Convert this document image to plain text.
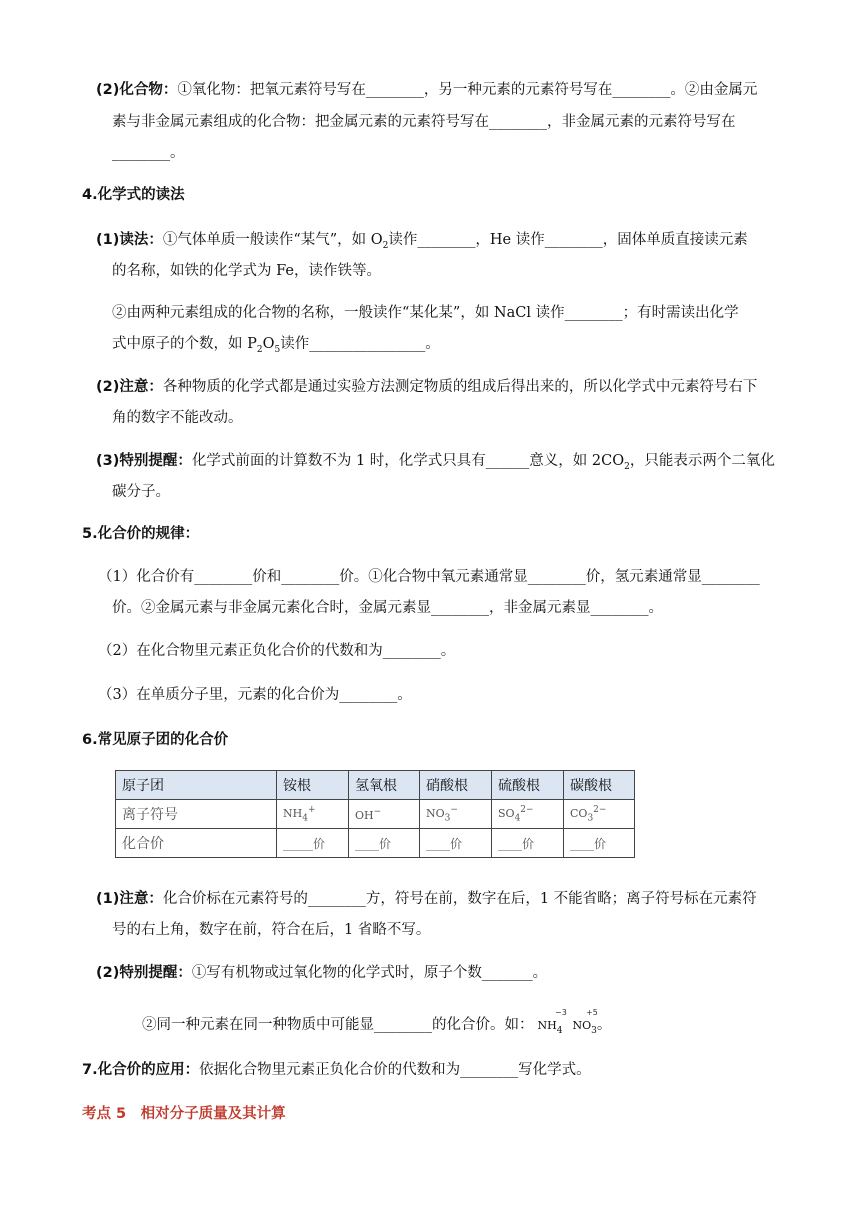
(2)化合物：①氧化物：把氧元素符号写在________，另一种元素的元素符号写在________。②由金属元
素与非金属元素组成的化合物：把金属元素的元素符号写在________，非金属元素的元素符号写在
________。
4.化学式的读法
(1)读法：①气体单质一般读作“某气”，如 $O_2$读作________，He 读作________，固体单质直接读元素
的名称，如铁的化学式为 Fe，读作铁等。
②由两种元素组成的化合物的名称，一般读作“某化某”，如 NaCl 读作________；有时需读出化学
式中原子的个数，如 $P_2O_5$读作________________。
(2)注意：各种物质的化学式都是通过实验方法测定物质的组成后得出来的，所以化学式中元素符号右下
角的数字不能改动。
(3)特别提醒：化学式前面的计算数不为 1 时，化学式只具有______意义，如 $2CO_2$，只能表示两个二氧化
碳分子。
5.化合价的规律：
（1）化合价有________价和________价。①化合物中氧元素通常显________价，氢元素通常显________
价。②金属元素与非金属元素化合时，金属元素显________，非金属元素显________。
（2）在化合物里元素正负化合价的代数和为________。
（3）在单质分子里，元素的化合价为________。
6.常见原子团的化合价
原子团	铵根	氢氧根	硝酸根	硫酸根	碳酸根
离子符号	$NH_4^+$	OH−	$NO_3^-$	$SO_4^{2-}$	$CO_3^{2-}$
化合价	_____价	____价	____价	____价	____价
(1)注意：化合价标在元素符号的________方，符号在前，数字在后，1 不能省略；离子符号标在元素符
号的右上角，数字在前，符合在后，1 省略不写。
(2)特别提醒：①写有机物或过氧化物的化学式时，原子个数_______。
②同一种元素在同一种物质中可能显________的化合价。如： $NH_4$ $NO_3$。
−3 +5
7.化合价的应用：依据化合物里元素正负化合价的代数和为________写化学式。
考点 5　相对分子质量及其计算
